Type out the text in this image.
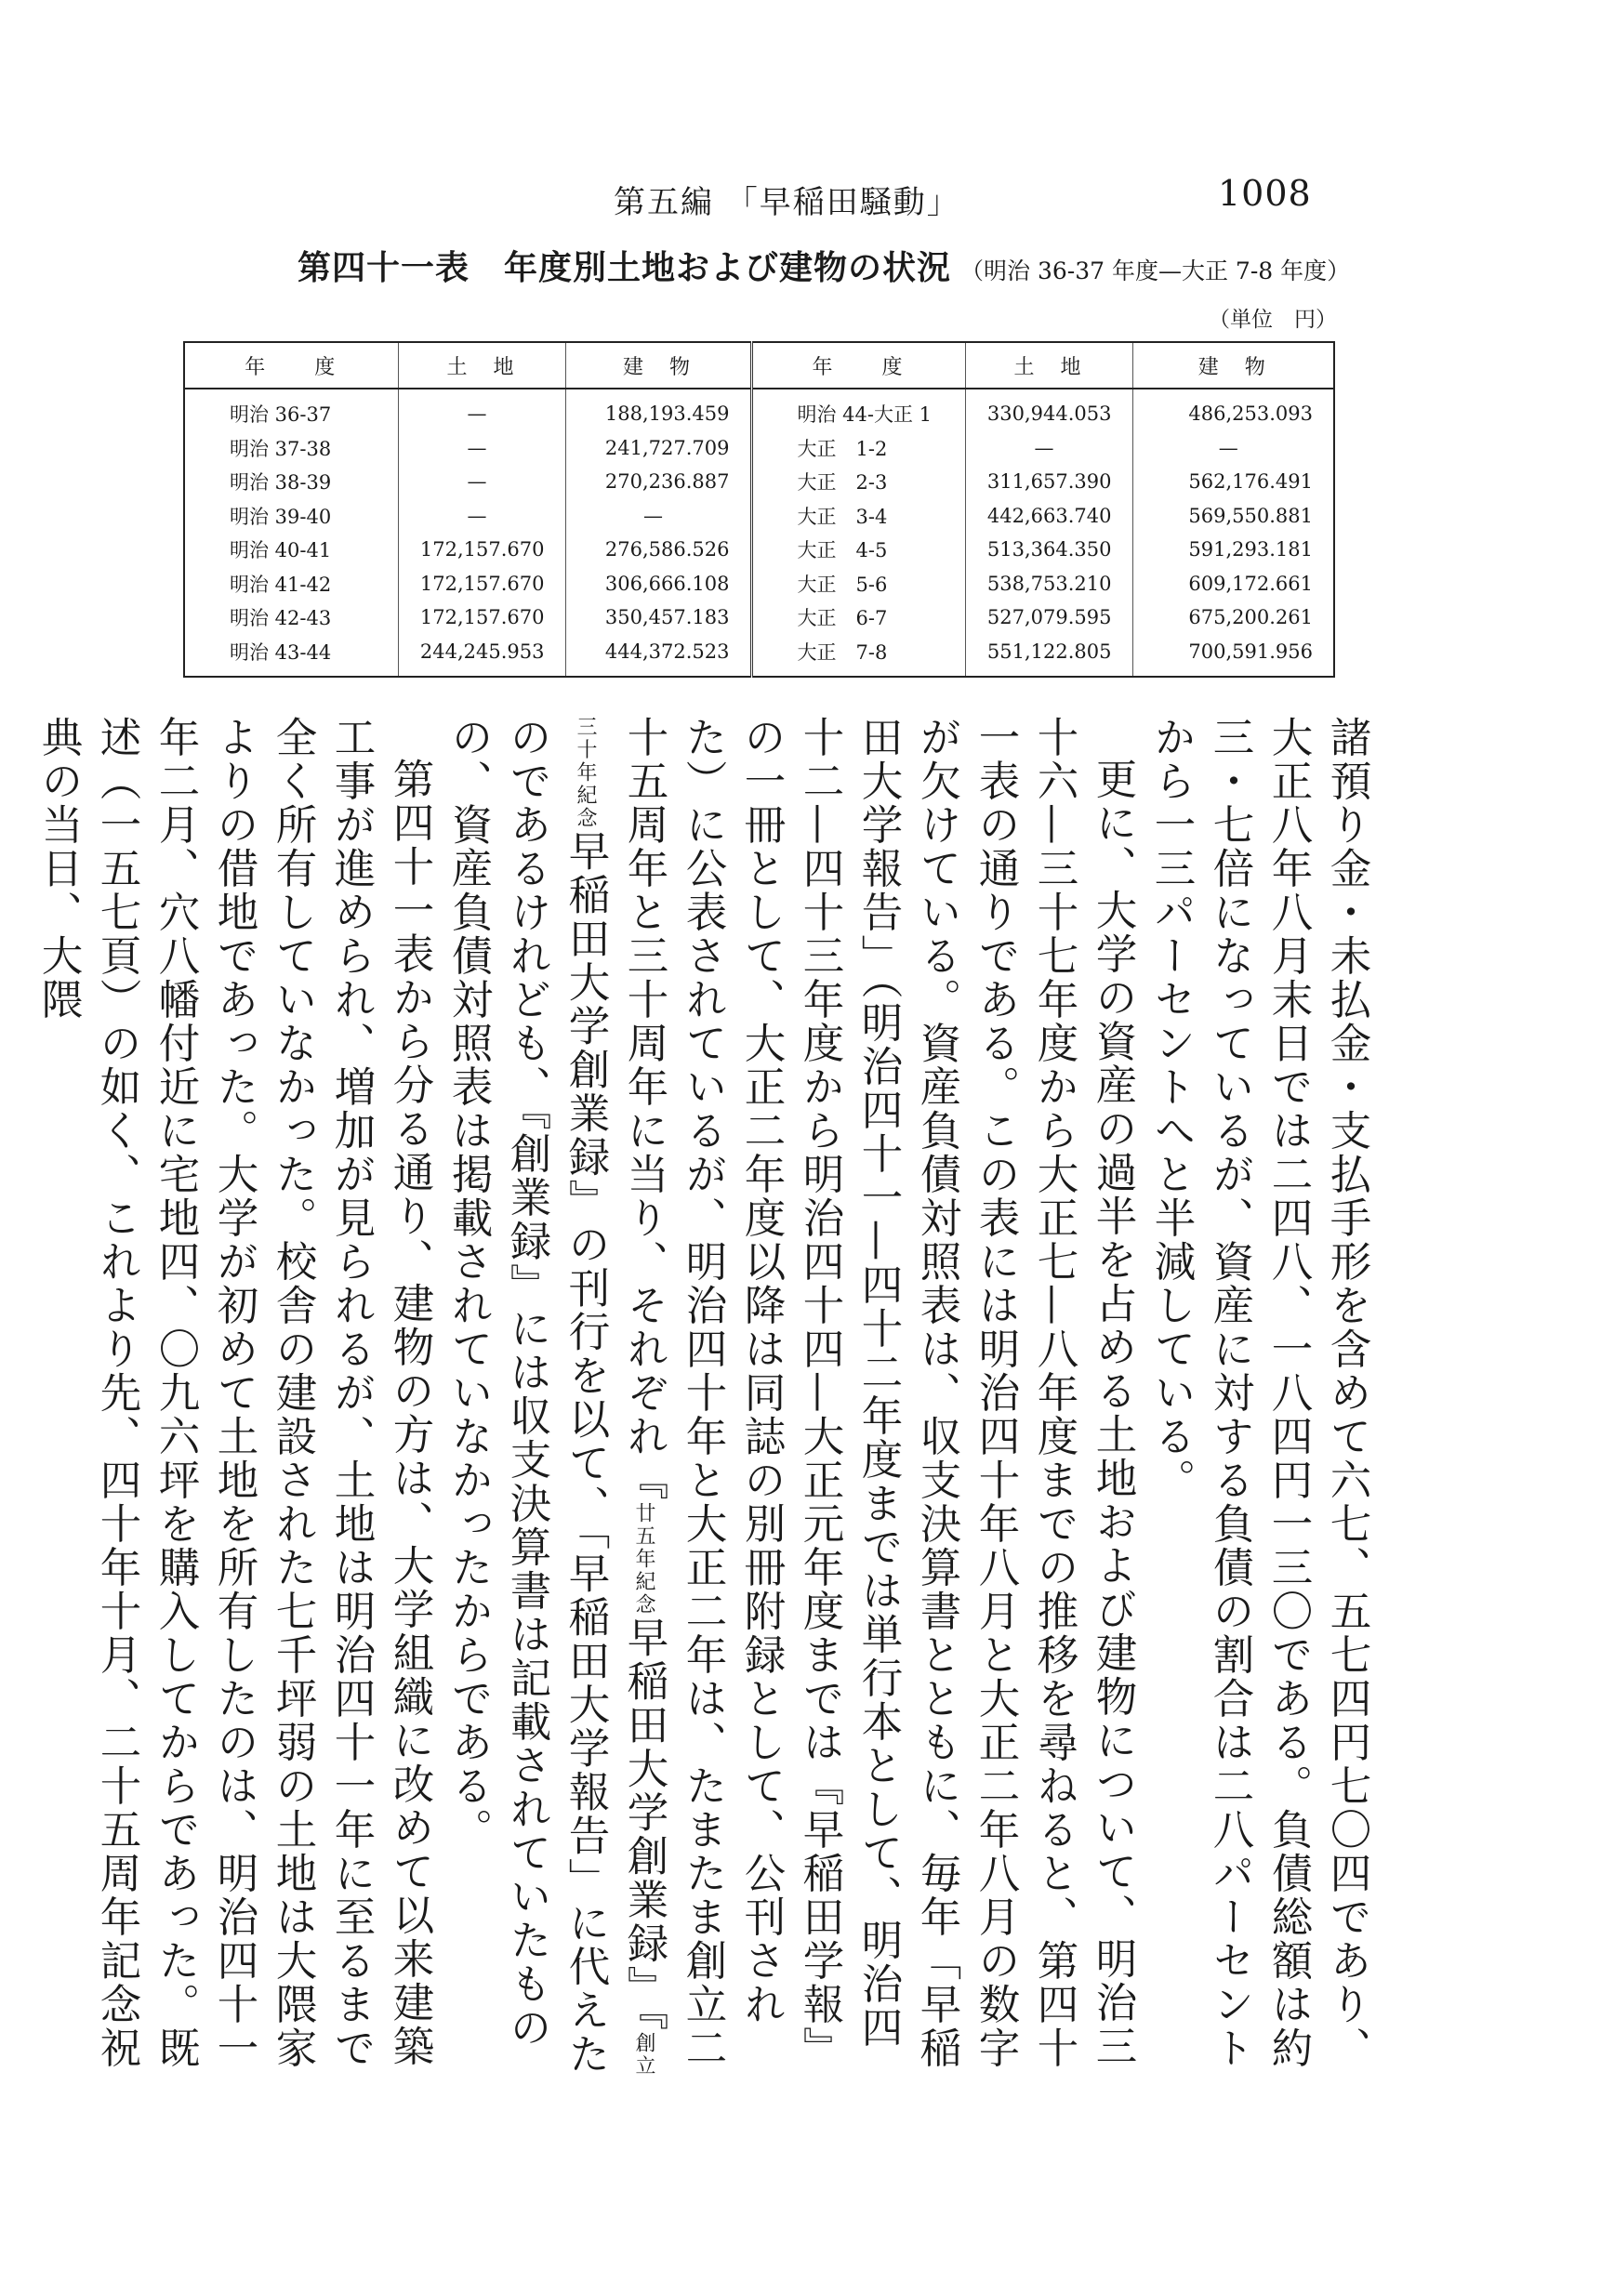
第五編 「早稲田騒動」	1008
第四十一表　年度別土地および建物の状況 （明治 36-37 年度—大正 7-8 年度）
（単位　円）
年　　度	土　地	建　物	年　　度	土　地	建　物
明治 36-37	—	188,193.459	明治 44-大正 1	330,944.053	486,253.093
明治 37-38	—	241,727.709	大正　1-2	—	—
明治 38-39	—	270,236.887	大正　2-3	311,657.390	562,176.491
明治 39-40	—	—	大正　3-4	442,663.740	569,550.881
明治 40-41	172,157.670	276,586.526	大正　4-5	513,364.350	591,293.181
明治 41-42	172,157.670	306,666.108	大正　5-6	538,753.210	609,172.661
明治 42-43	172,157.670	350,457.183	大正　6-7	527,079.595	675,200.261
明治 43-44	244,245.953	444,372.523	大正　7-8	551,122.805	700,591.956

諸預り金・未払金・支払手形を含めて六七、五七四円七〇四であり、大正八年八月末日では二四八、一八四円一三〇である。負債総額は約三・七倍になっているが、資産に対する負債の割合は二八パーセントから一三パーセントへと半減している。

更に、大学の資産の過半を占める土地および建物について、明治三十六—三十七年度から大正七—八年度までの推移を尋ねると、第四十一表の通りである。この表には明治四十年八月と大正二年八月の数字が欠けている。資産負債対照表は、収支決算書とともに、毎年「早稲田大学報告」（明治四十一—四十二年度までは単行本として、明治四十二—四十三年度から明治四十四—大正元年度までは『早稲田学報』の一冊として、大正二年度以降は同誌の別冊附録として、公刊された）に公表されているが、明治四十年と大正二年は、たまたま創立二十五周年と三十周年に当り、それぞれ『廿五年紀念早稲田大学創業録』『創立三十年紀念早稲田大学創業録』の刊行を以て、「早稲田大学報告」に代えたのであるけれども、『創業録』には収支決算書は記載されていたものの、資産負債対照表は掲載されていなかったからである。

第四十一表から分る通り、建物の方は、大学組織に改めて以来建築工事が進められ、増加が見られるが、土地は明治四十一年に至るまで全く所有していなかった。校舎の建設された七千坪弱の土地は大隈家よりの借地であった。大学が初めて土地を所有したのは、明治四十一年二月、穴八幡付近に宅地四、〇九六坪を購入してからであった。既述（一五七頁）の如く、これより先、四十年十月、二十五周年記念祝典の当日、大隈
